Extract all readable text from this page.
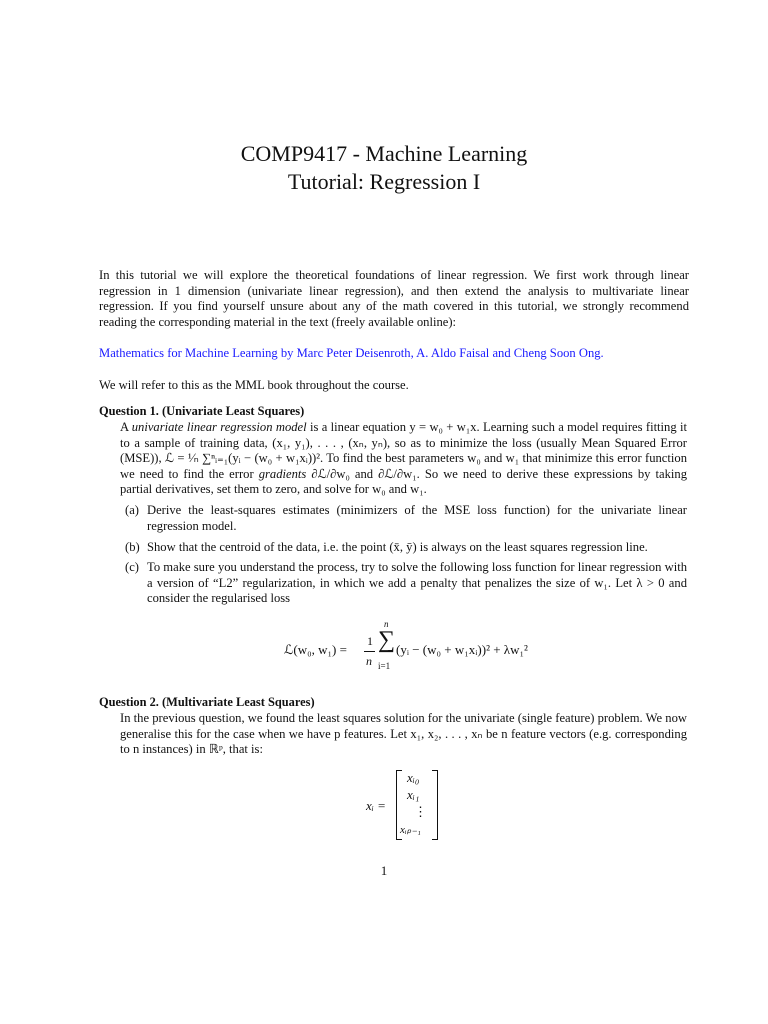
COMP9417 - Machine Learning
Tutorial: Regression I
In this tutorial we will explore the theoretical foundations of linear regression. We first work through linear regression in 1 dimension (univariate linear regression), and then extend the analysis to multivariate linear regression. If you find yourself unsure about any of the math covered in this tutorial, we strongly recommend reading the corresponding material in the text (freely available online):
Mathematics for Machine Learning by Marc Peter Deisenroth, A. Aldo Faisal and Cheng Soon Ong.
We will refer to this as the MML book throughout the course.
Question 1. (Univariate Least Squares)
A univariate linear regression model is a linear equation y = w₀ + w₁x. Learning such a model requires fitting it to a sample of training data, (x₁, y₁), . . . , (xₙ, yₙ), so as to minimize the loss (usually Mean Squared Error (MSE)), ℒ = ¹⁄ₙ ∑ⁿᵢ₌₁(yᵢ − (w₀ + w₁xᵢ))². To find the best parameters w₀ and w₁ that minimize this error function we need to find the error gradients ∂ℒ/∂w₀ and ∂ℒ/∂w₁. So we need to derive these expressions by taking partial derivatives, set them to zero, and solve for w₀ and w₁.
(a) Derive the least-squares estimates (minimizers of the MSE loss function) for the univariate linear regression model.
(b) Show that the centroid of the data, i.e. the point (x̄, ȳ) is always on the least squares regression line.
(c) To make sure you understand the process, try to solve the following loss function for linear regression with a version of “L2” regularization, in which we add a penalty that penalizes the size of w₁. Let λ > 0 and consider the regularised loss
ℒ(w₀, w₁) =
1
n
n
∑
i=1
(yᵢ − (w₀ + w₁xᵢ))² + λw₁²
Question 2. (Multivariate Least Squares)
In the previous question, we found the least squares solution for the univariate (single feature) problem. We now generalise this for the case when we have p features. Let x₁, x₂, . . . , xₙ be n feature vectors (e.g. corresponding to n instances) in ℝᵖ, that is:
xᵢ =
xᵢ₀
xᵢ₁
⋮
xᵢₚ₋₁
1
